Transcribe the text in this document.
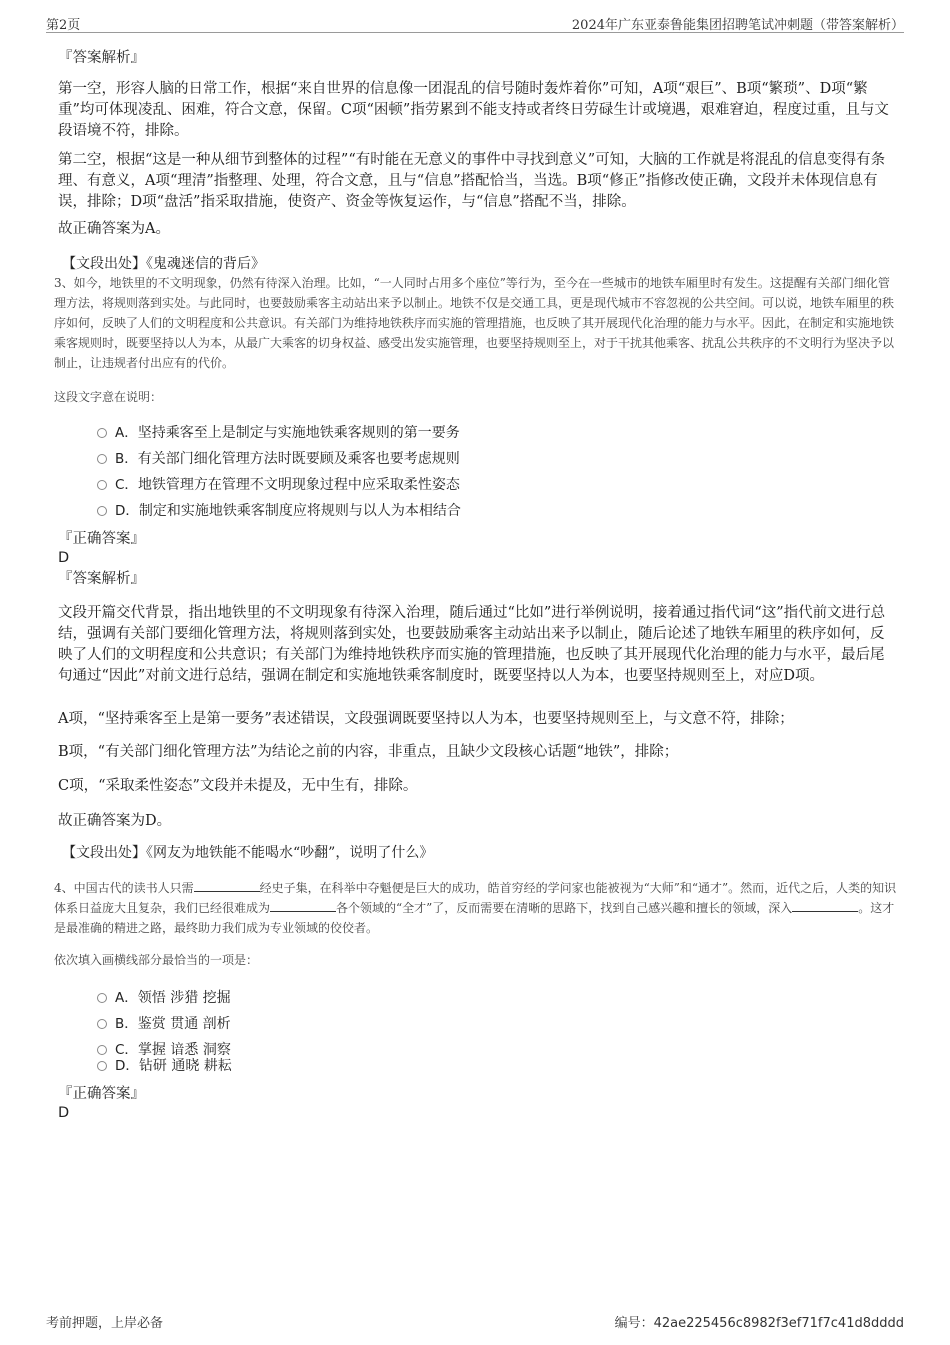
第2页	2024年广东亚泰鲁能集团招聘笔试冲刺题（带答案解析）
『答案解析』

第一空，形容人脑的日常工作，根据“来自世界的信息像一团混乱的信号随时轰炸着你”可知，A项“艰巨”、B项“繁琐”、D项“繁重”均可体现凌乱、困难，符合文意，保留。C项“困顿”指劳累到不能支持或者终日劳碌生计或境遇，艰难窘迫，程度过重，且与文段语境不符，排除。

第二空，根据“这是一种从细节到整体的过程”“有时能在无意义的事件中寻找到意义”可知，大脑的工作就是将混乱的信息变得有条理、有意义，A项“理清”指整理、处理，符合文意，且与“信息”搭配恰当，当选。B项“修正”指修改使正确，文段并未体现信息有误，排除；D项“盘活”指采取措施，使资产、资金等恢复运作，与“信息”搭配不当，排除。

故正确答案为A。

【文段出处】《鬼魂迷信的背后》

3、如今，地铁里的不文明现象，仍然有待深入治理。比如，“一人同时占用多个座位”等行为，至今在一些城市的地铁车厢里时有发生。这提醒有关部门细化管理方法，将规则落到实处。与此同时，也要鼓励乘客主动站出来予以制止。地铁不仅是交通工具，更是现代城市不容忽视的公共空间。可以说，地铁车厢里的秩序如何，反映了人们的文明程度和公共意识。有关部门为维持地铁秩序而实施的管理措施，也反映了其开展现代化治理的能力与水平。因此，在制定和实施地铁乘客规则时，既要坚持以人为本，从最广大乘客的切身权益、感受出发实施管理，也要坚持规则至上，对于干扰其他乘客、扰乱公共秩序的不文明行为坚决予以制止，让违规者付出应有的代价。

这段文字意在说明：

A．坚持乘客至上是制定与实施地铁乘客规则的第一要务
B．有关部门细化管理方法时既要顾及乘客也要考虑规则
C．地铁管理方在管理不文明现象过程中应采取柔性姿态
D．制定和实施地铁乘客制度应将规则与以人为本相结合
『正确答案』
D
『答案解析』

文段开篇交代背景，指出地铁里的不文明现象有待深入治理，随后通过“比如”进行举例说明，接着通过指代词“这”指代前文进行总结，强调有关部门要细化管理方法，将规则落到实处，也要鼓励乘客主动站出来予以制止，随后论述了地铁车厢里的秩序如何，反映了人们的文明程度和公共意识；有关部门为维持地铁秩序而实施的管理措施，也反映了其开展现代化治理的能力与水平，最后尾句通过“因此”对前文进行总结，强调在制定和实施地铁乘客制度时，既要坚持以人为本，也要坚持规则至上，对应D项。

A项，“坚持乘客至上是第一要务”表述错误，文段强调既要坚持以人为本，也要坚持规则至上，与文意不符，排除；

B项，“有关部门细化管理方法”为结论之前的内容，非重点，且缺少文段核心话题“地铁”，排除；

C项，“采取柔性姿态”文段并未提及，无中生有，排除。

故正确答案为D。

【文段出处】《网友为地铁能不能喝水“吵翻”，说明了什么》
4、中国古代的读书人只需	经史子集，在科举中夺魁便是巨大的成功，皓首穷经的学问家也能被视为“大师”和“通才”。然而，近代之后，人类的知识体系日益庞大且复杂，我们已经很难成为	各个领域的“全才”了，反而需要在清晰的思路下，找到自己感兴趣和擅长的领域，深入	。这才是最准确的精进之路，最终助力我们成为专业领域的佼佼者。

依次填入画横线部分最恰当的一项是：

A．领悟 涉猎 挖掘
B．鉴赏 贯通 剖析
C．掌握 谙悉 洞察
D．钻研 通晓 耕耘
『正确答案』
D
考前押题，上岸必备	编号：42ae225456c8982f3ef71f7c41d8dddd
